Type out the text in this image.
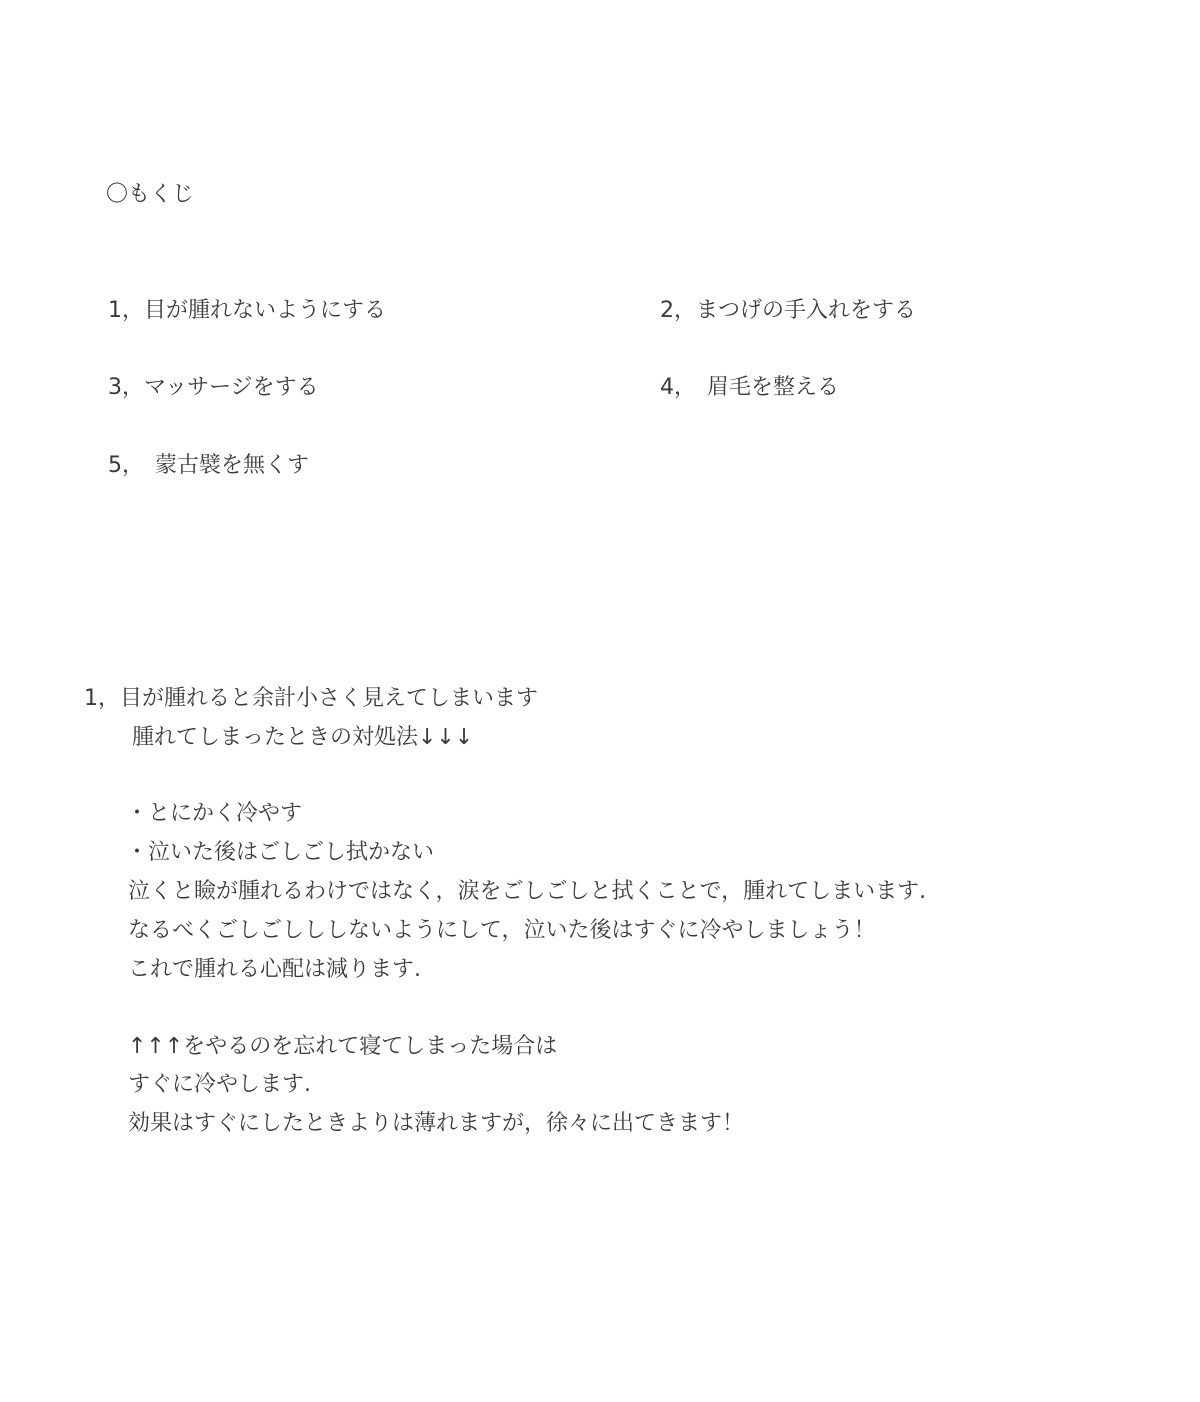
〇もくじ
1，目が腫れないようにする	2，まつげの手入れをする
3，マッサージをする	4，　眉毛を整える
5，　蒙古襞を無くす
1，目が腫れると余計小さく見えてしまいます
腫れてしまったときの対処法↓↓↓
・とにかく冷やす
・泣いた後はごしごし拭かない
泣くと瞼が腫れるわけではなく，涙をごしごしと拭くことで，腫れてしまいます.
なるべくごしごしししないようにして，泣いた後はすぐに冷やしましょう！
これで腫れる心配は減ります.
↑↑↑をやるのを忘れて寝てしまった場合は
すぐに冷やします.
効果はすぐにしたときよりは薄れますが，徐々に出てきます！
